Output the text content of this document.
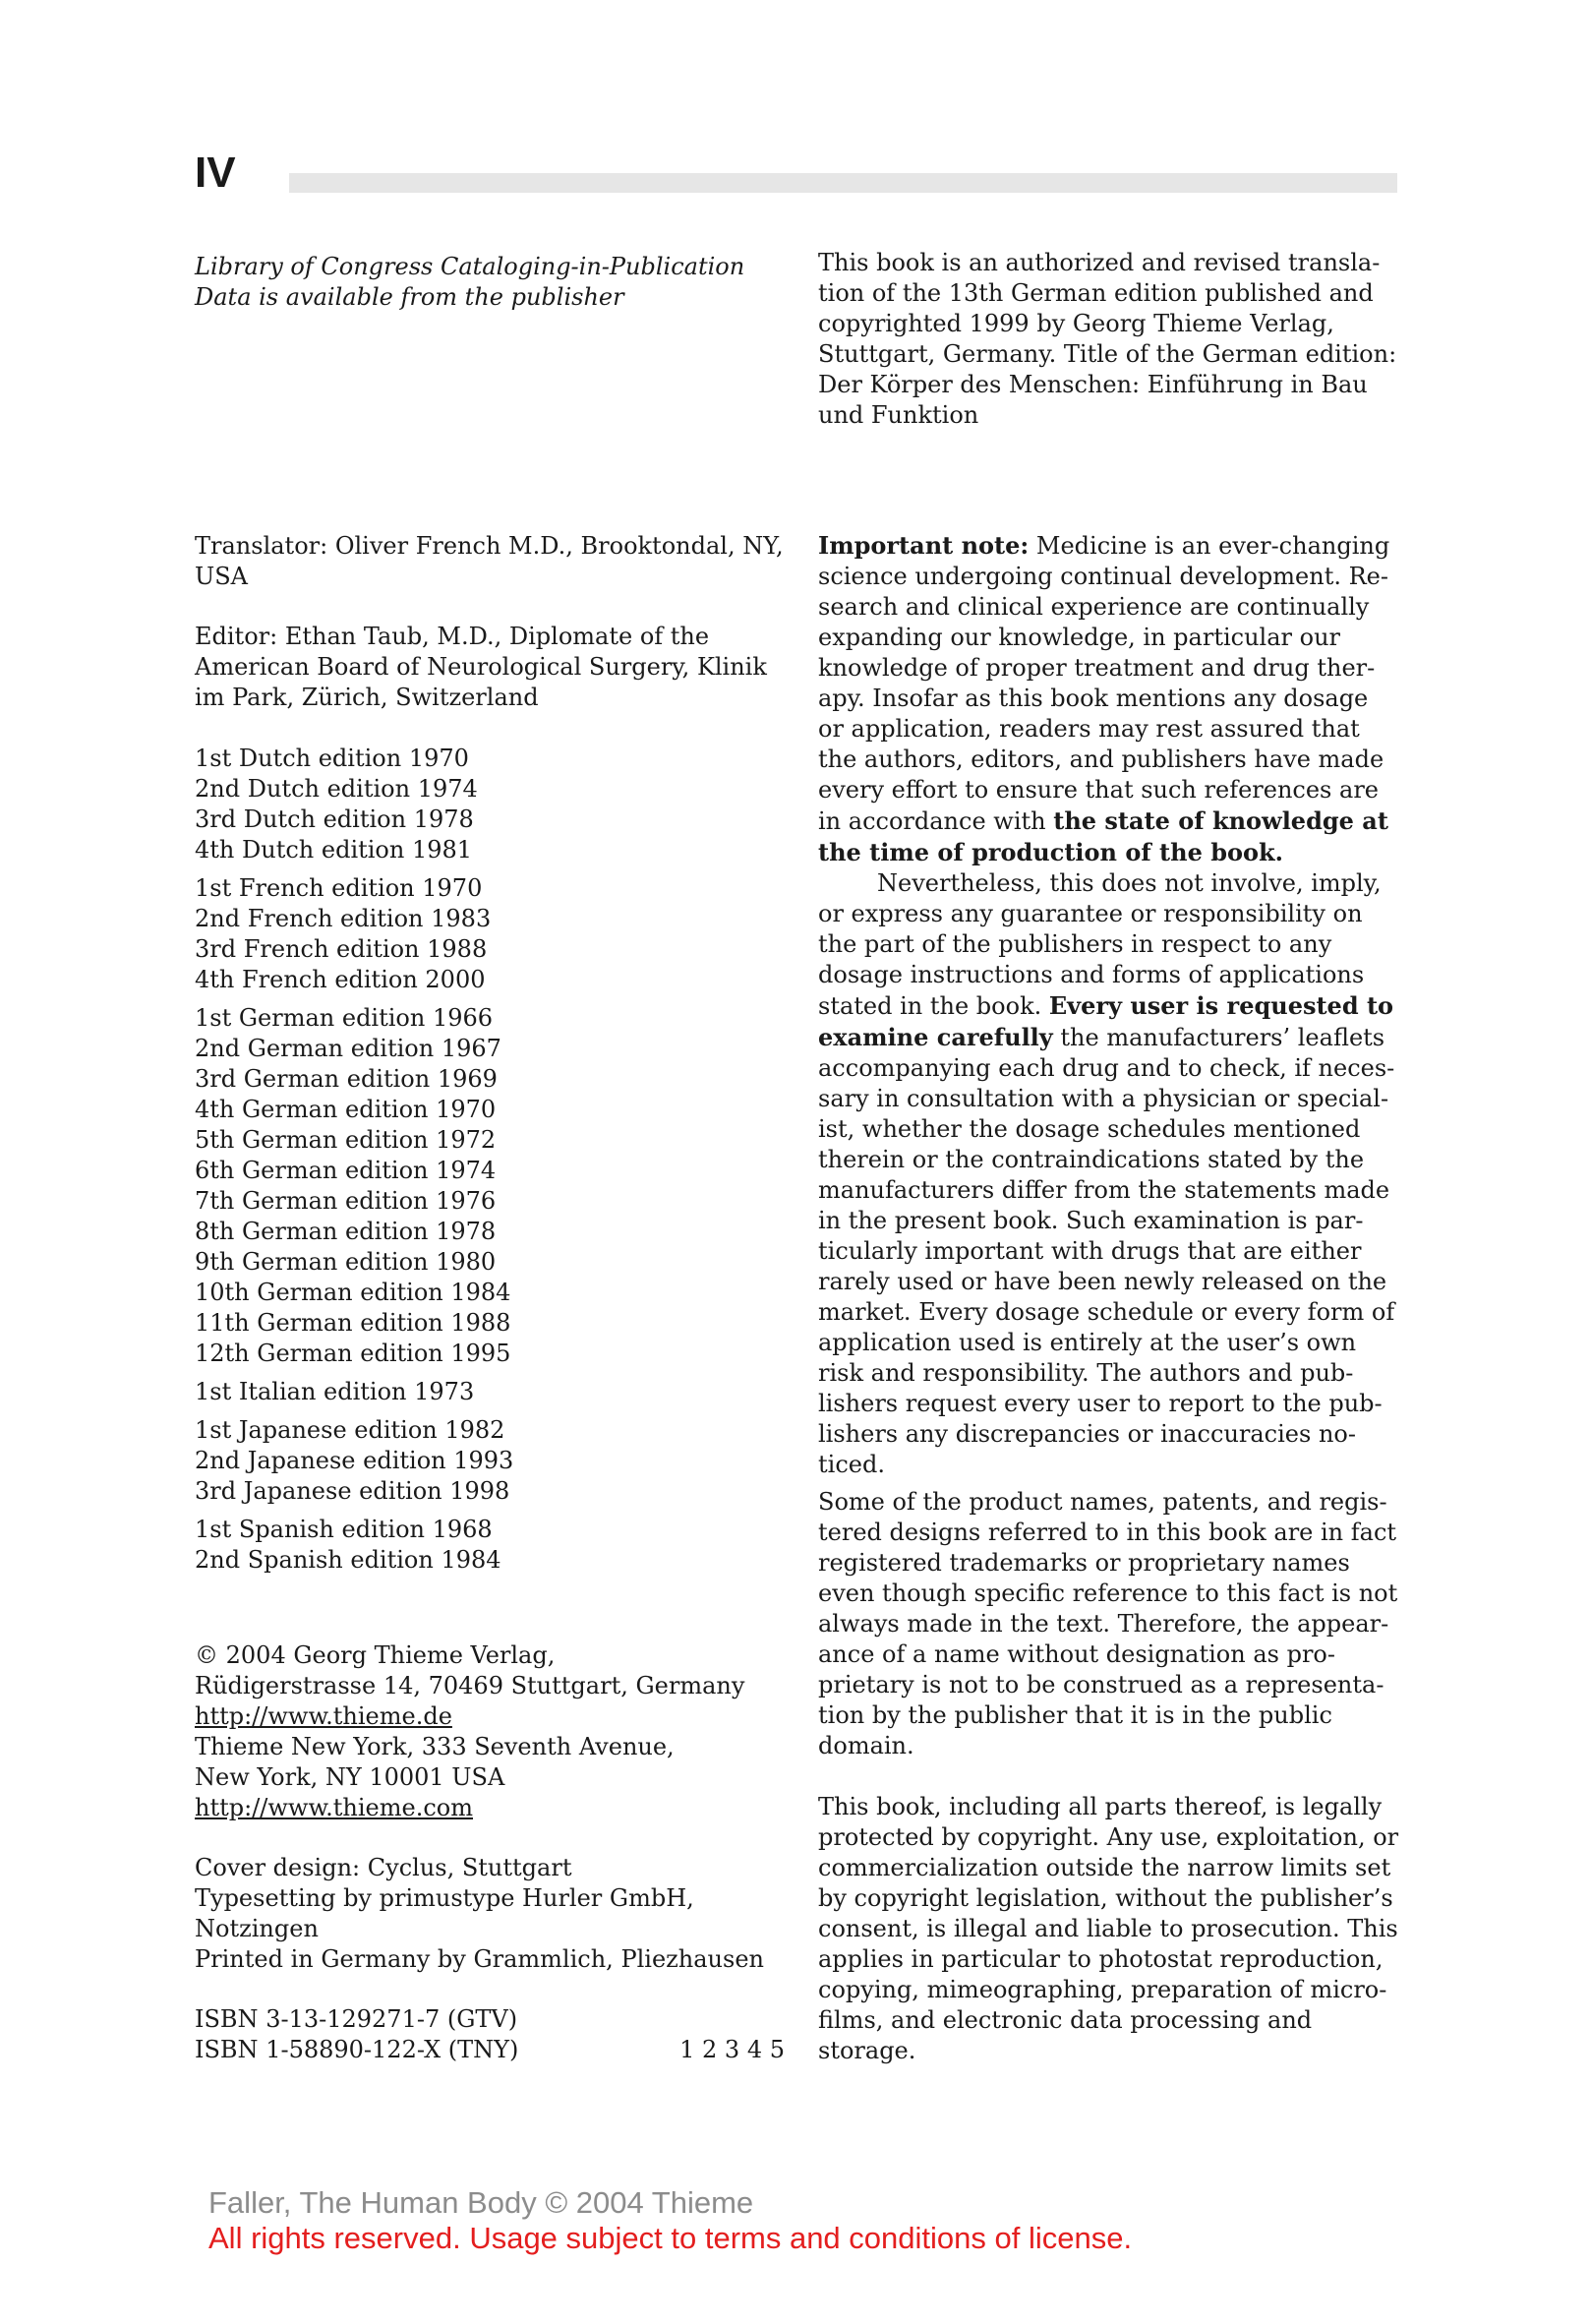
IV
Library of Congress Cataloging-in-Publication
Data is available from the publisher
Translator: Oliver French M.D., Brooktondal, NY,
USA
Editor: Ethan Taub, M.D., Diplomate of the
American Board of Neurological Surgery, Klinik
im Park, Zürich, Switzerland
1st Dutch edition 1970
2nd Dutch edition 1974
3rd Dutch edition 1978
4th Dutch edition 1981
1st French edition 1970
2nd French edition 1983
3rd French edition 1988
4th French edition 2000
1st German edition 1966
2nd German edition 1967
3rd German edition 1969
4th German edition 1970
5th German edition 1972
6th German edition 1974
7th German edition 1976
8th German edition 1978
9th German edition 1980
10th German edition 1984
11th German edition 1988
12th German edition 1995
1st Italian edition 1973
1st Japanese edition 1982
2nd Japanese edition 1993
3rd Japanese edition 1998
1st Spanish edition 1968
2nd Spanish edition 1984
© 2004 Georg Thieme Verlag,
Rüdigerstrasse 14, 70469 Stuttgart, Germany
http://www.thieme.de
Thieme New York, 333 Seventh Avenue,
New York, NY 10001 USA
http://www.thieme.com
Cover design: Cyclus, Stuttgart
Typesetting by primustype Hurler GmbH,
Notzingen
Printed in Germany by Grammlich, Pliezhausen
ISBN 3-13-129271-7 (GTV)
ISBN 1-58890-122-X (TNY)	1 2 3 4 5
This book is an authorized and revised transla-
tion of the 13th German edition published and
copyrighted 1999 by Georg Thieme Verlag,
Stuttgart, Germany. Title of the German edition:
Der Körper des Menschen: Einführung in Bau
und Funktion
Important note: Medicine is an ever-changing
science undergoing continual development. Re-
search and clinical experience are continually
expanding our knowledge, in particular our
knowledge of proper treatment and drug ther-
apy. Insofar as this book mentions any dosage
or application, readers may rest assured that
the authors, editors, and publishers have made
every effort to ensure that such references are
in accordance with the state of knowledge at
the time of production of the book.
Nevertheless, this does not involve, imply,
or express any guarantee or responsibility on
the part of the publishers in respect to any
dosage instructions and forms of applications
stated in the book. Every user is requested to
examine carefully the manufacturers’ leaflets
accompanying each drug and to check, if neces-
sary in consultation with a physician or special-
ist, whether the dosage schedules mentioned
therein or the contraindications stated by the
manufacturers differ from the statements made
in the present book. Such examination is par-
ticularly important with drugs that are either
rarely used or have been newly released on the
market. Every dosage schedule or every form of
application used is entirely at the user’s own
risk and responsibility. The authors and pub-
lishers request every user to report to the pub-
lishers any discrepancies or inaccuracies no-
ticed.
Some of the product names, patents, and regis-
tered designs referred to in this book are in fact
registered trademarks or proprietary names
even though specific reference to this fact is not
always made in the text. Therefore, the appear-
ance of a name without designation as pro-
prietary is not to be construed as a representa-
tion by the publisher that it is in the public
domain.
This book, including all parts thereof, is legally
protected by copyright. Any use, exploitation, or
commercialization outside the narrow limits set
by copyright legislation, without the publisher’s
consent, is illegal and liable to prosecution. This
applies in particular to photostat reproduction,
copying, mimeographing, preparation of micro-
films, and electronic data processing and
storage.
Faller, The Human Body © 2004 Thieme
All rights reserved. Usage subject to terms and conditions of license.
